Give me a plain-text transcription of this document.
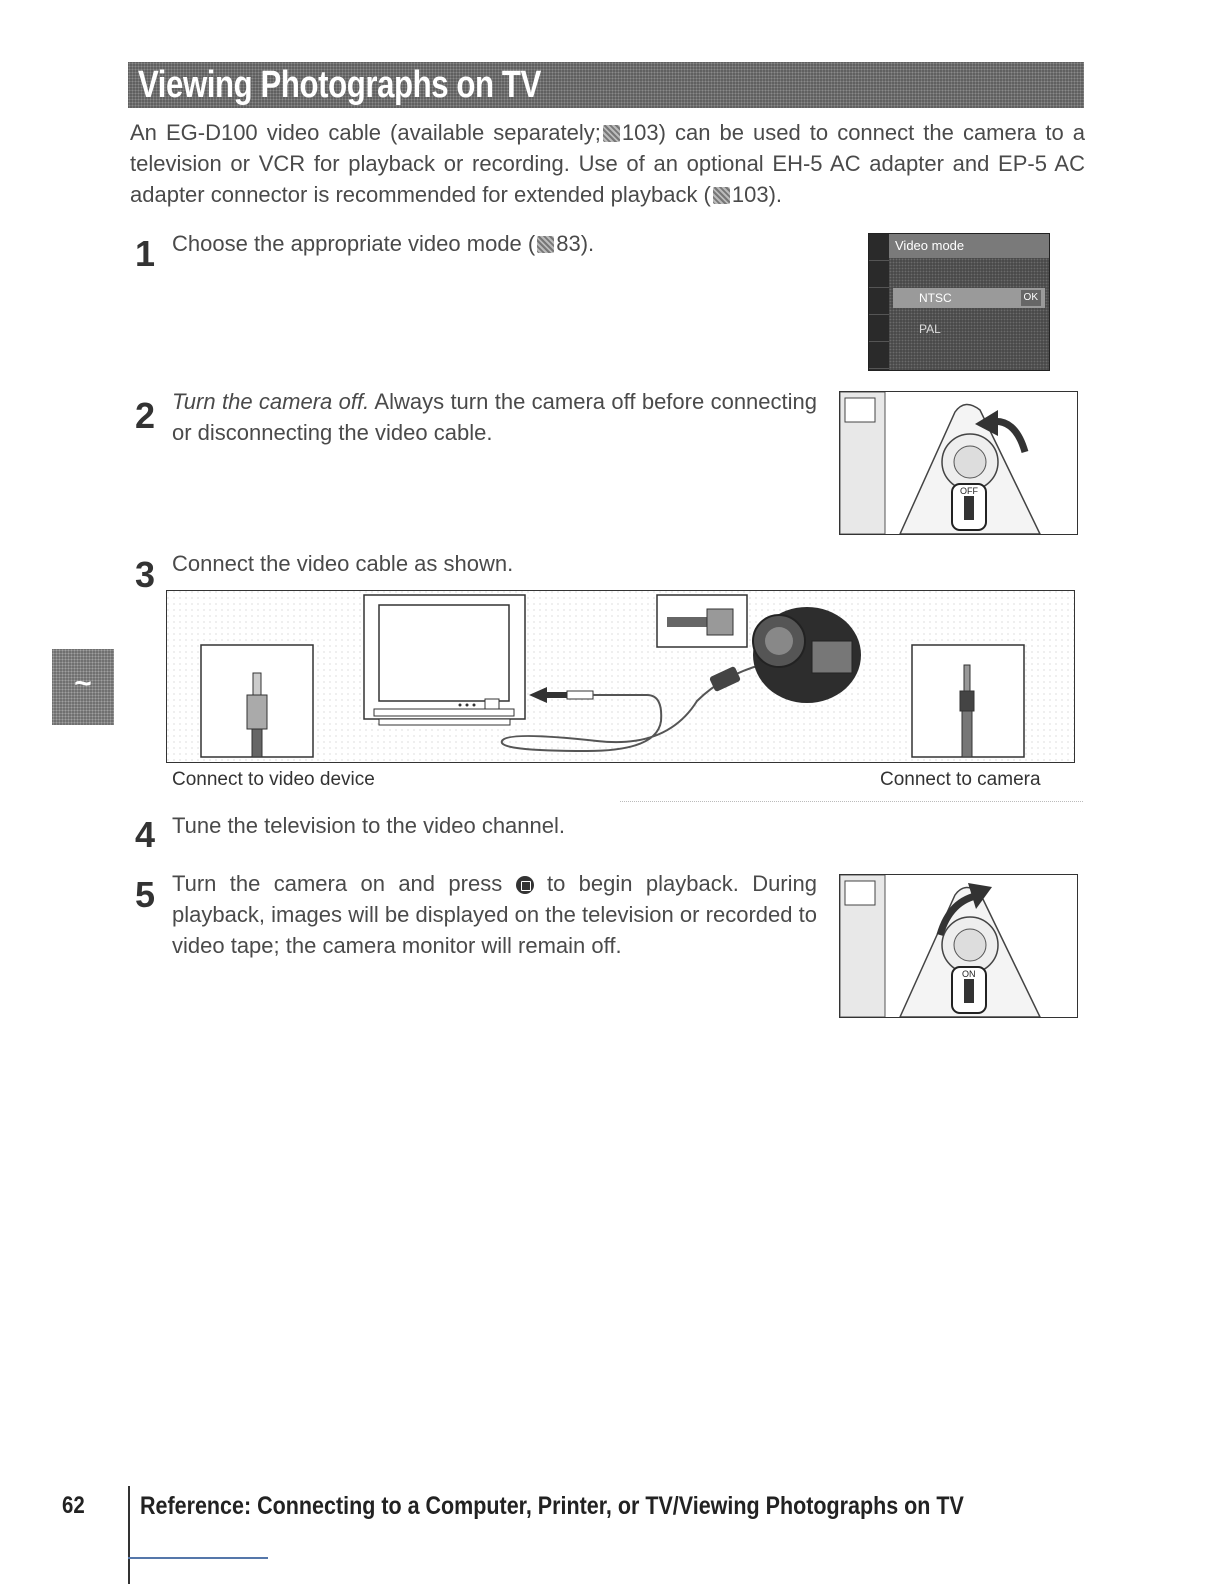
Viewing Photographs on TV

An EG-D100 video cable (available separately; 103) can be used to connect the camera to a television or VCR for playback or recording. Use of an optional EH-5 AC adapter and EP-5 AC adapter connector is recommended for extended playback ( 103).

1 Choose the appropriate video mode ( 83).	Video mode
NTSC	OK
PAL
2 Turn the camera off. Always turn the camera off before connecting or disconnecting the video cable.

OFF
3 Connect the video cable as shown.

Connect to video device	Connect to camera
4 Tune the television to the video channel.

5 Turn the camera on and press
to begin playback. During playback, images will be displayed on the television or recorded to video tape; the camera monitor will remain off.

ON
~
62 Reference: Connecting to a Computer, Printer, or TV/Viewing Photographs on TV
